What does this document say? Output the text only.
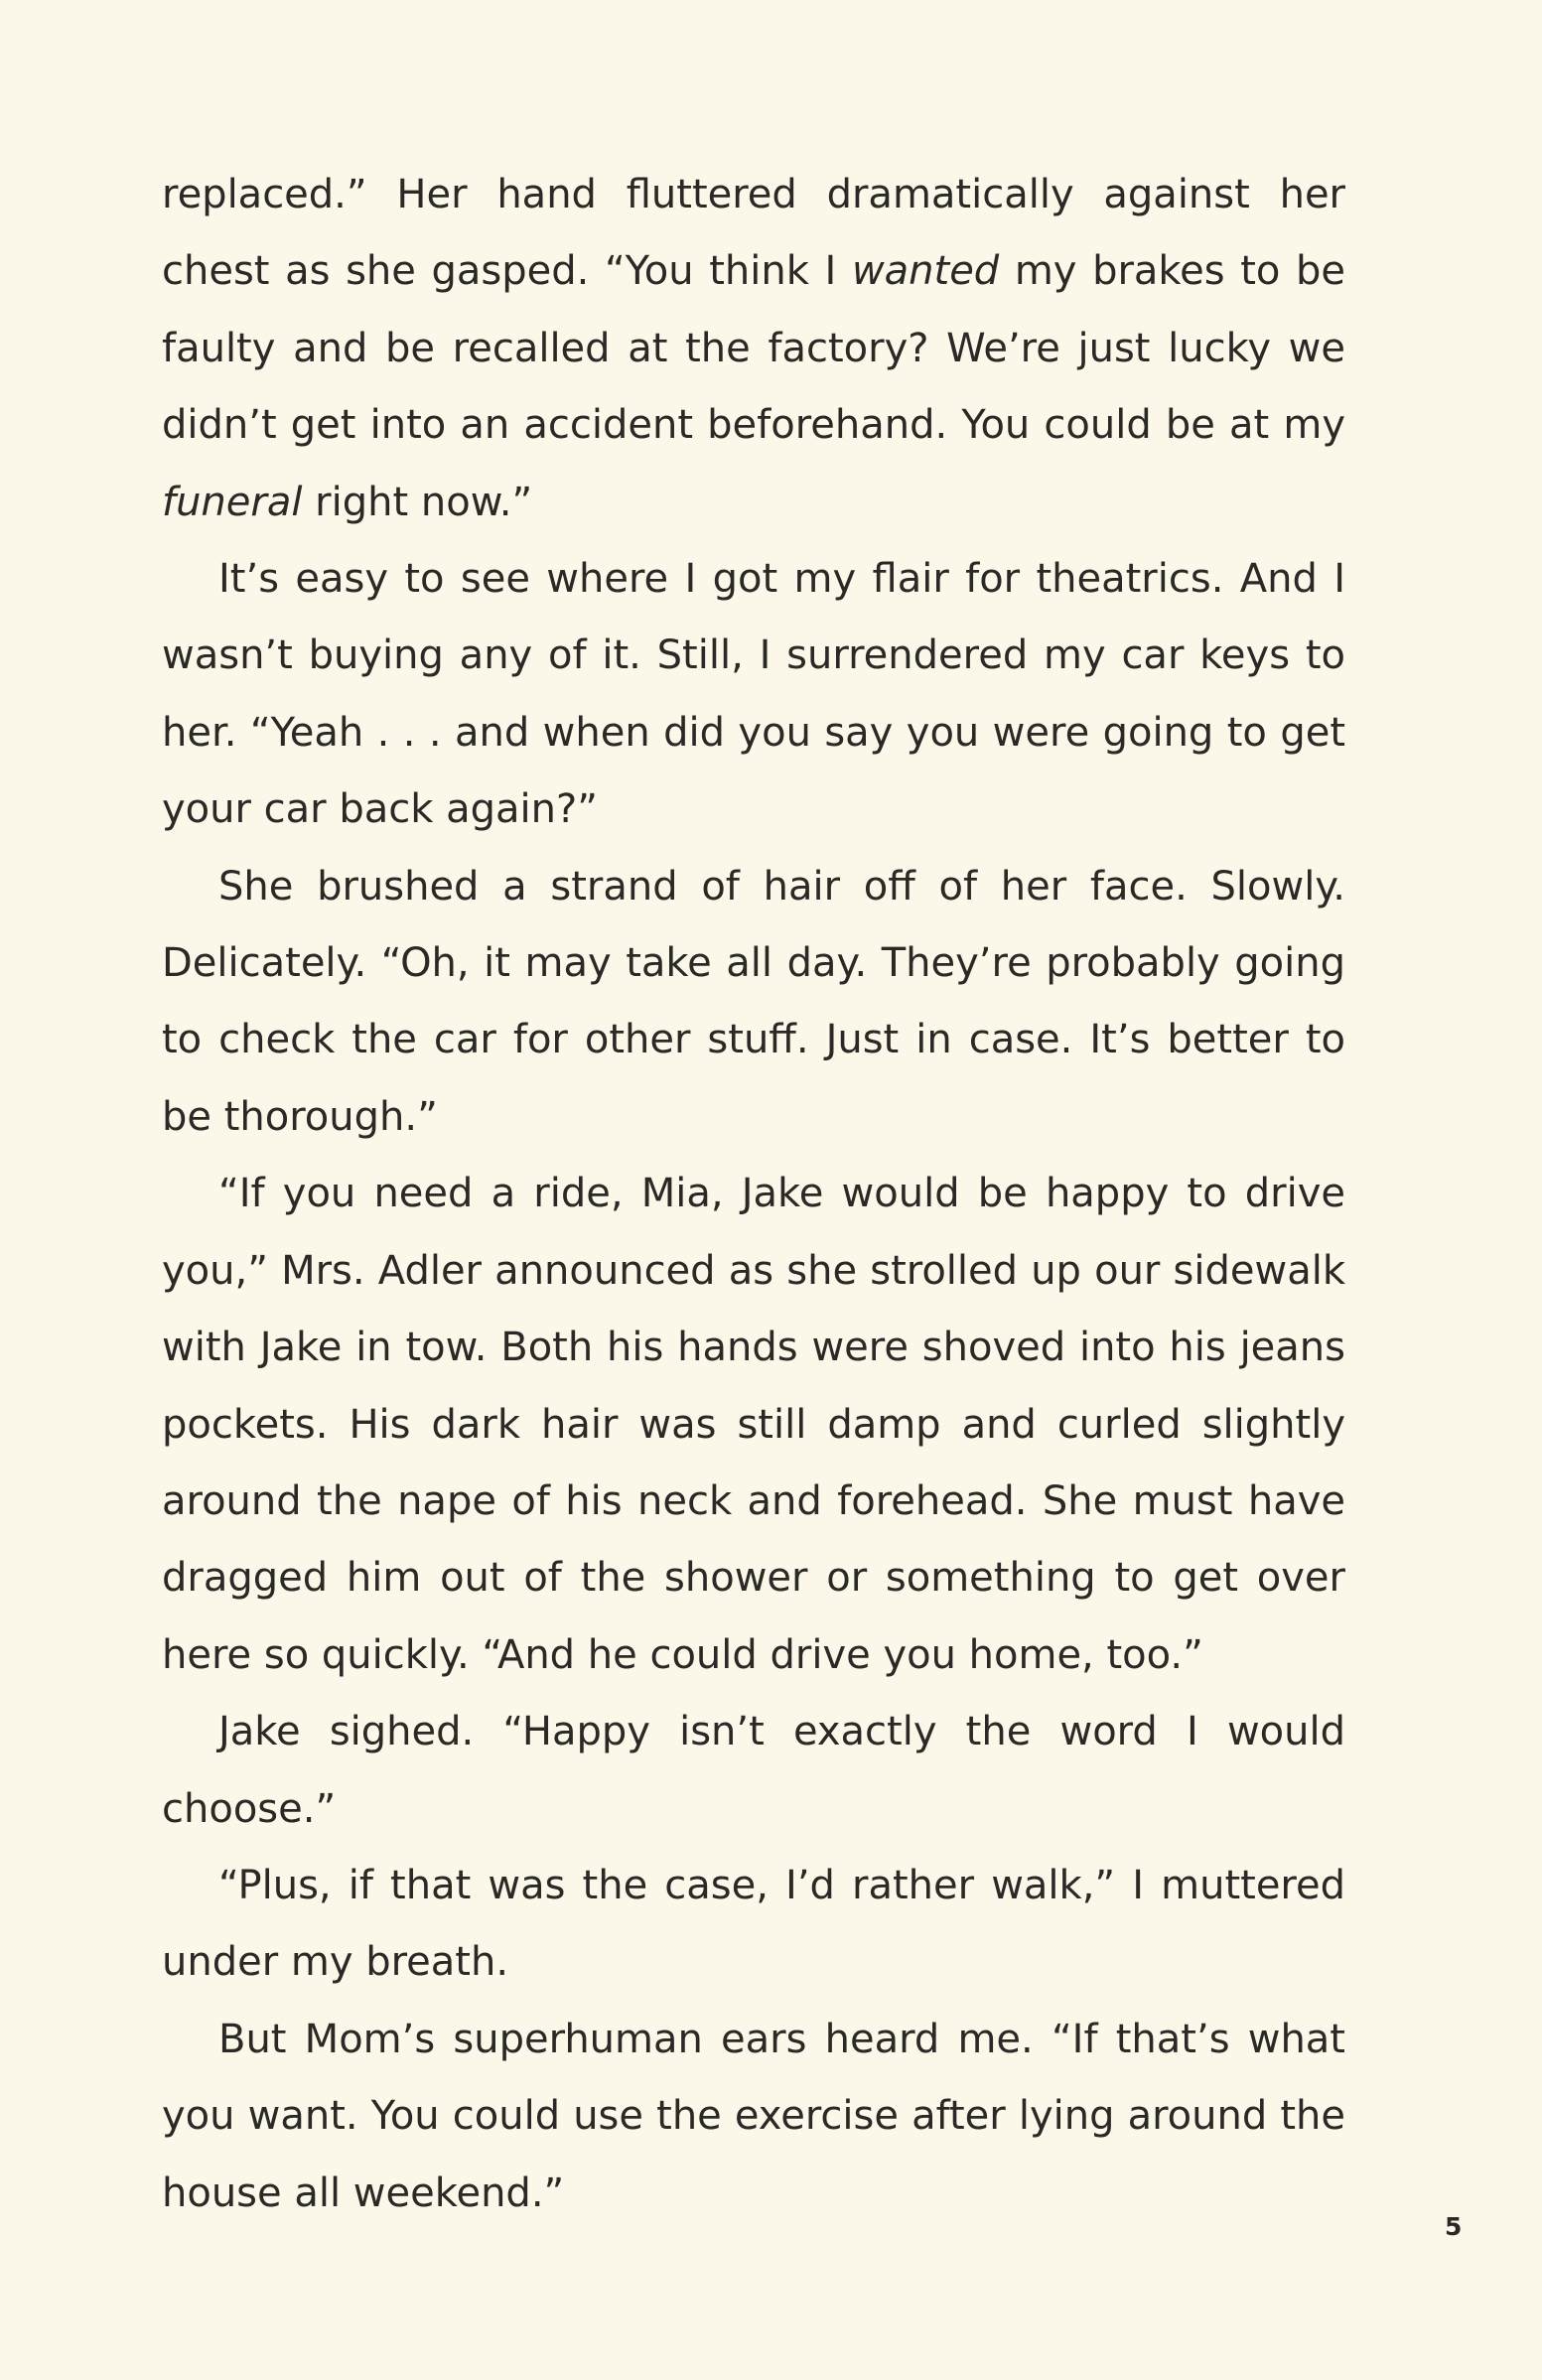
replaced.” Her hand fluttered dramatically against her chest as she gasped. “You think I wanted my brakes to be faulty and be recalled at the factory? We’re just lucky we didn’t get into an accident beforehand. You could be at my funeral right now.”

It’s easy to see where I got my flair for theatrics. And I wasn’t buying any of it. Still, I surrendered my car keys to her. “Yeah . . . and when did you say you were going to get your car back again?”

She brushed a strand of hair off of her face. Slowly. Delicately. “Oh, it may take all day. They’re probably going to check the car for other stuff. Just in case. It’s better to be thorough.”

“If you need a ride, Mia, Jake would be happy to drive you,” Mrs. Adler announced as she strolled up our sidewalk with Jake in tow. Both his hands were shoved into his jeans pockets. His dark hair was still damp and curled slightly around the nape of his neck and forehead. She must have dragged him out of the shower or something to get over here so quickly. “And he could drive you home, too.”

Jake sighed. “Happy isn’t exactly the word I would choose.”

“Plus, if that was the case, I’d rather walk,” I muttered under my breath.

But Mom’s superhuman ears heard me. “If that’s what you want. You could use the exercise after lying around the house all weekend.”

5
